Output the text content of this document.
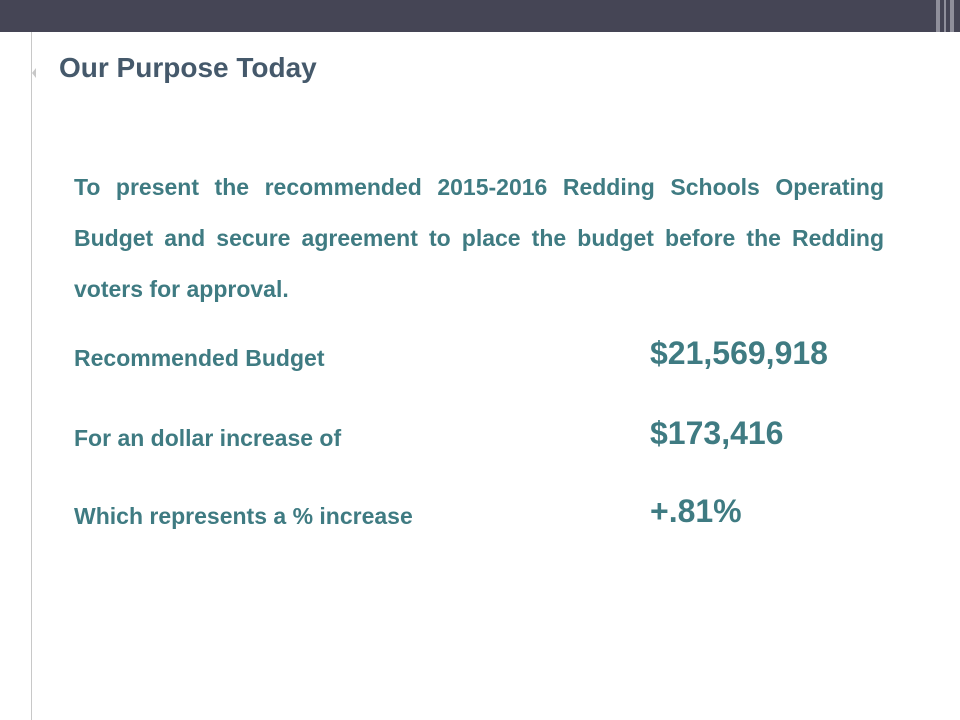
Our Purpose Today

To present the recommended 2015-2016 Redding Schools Operating Budget and secure agreement to place the budget before the Redding voters for approval.

Recommended Budget	$21,569,918
For an dollar increase of	$173,416
Which represents a % increase	+.81%
